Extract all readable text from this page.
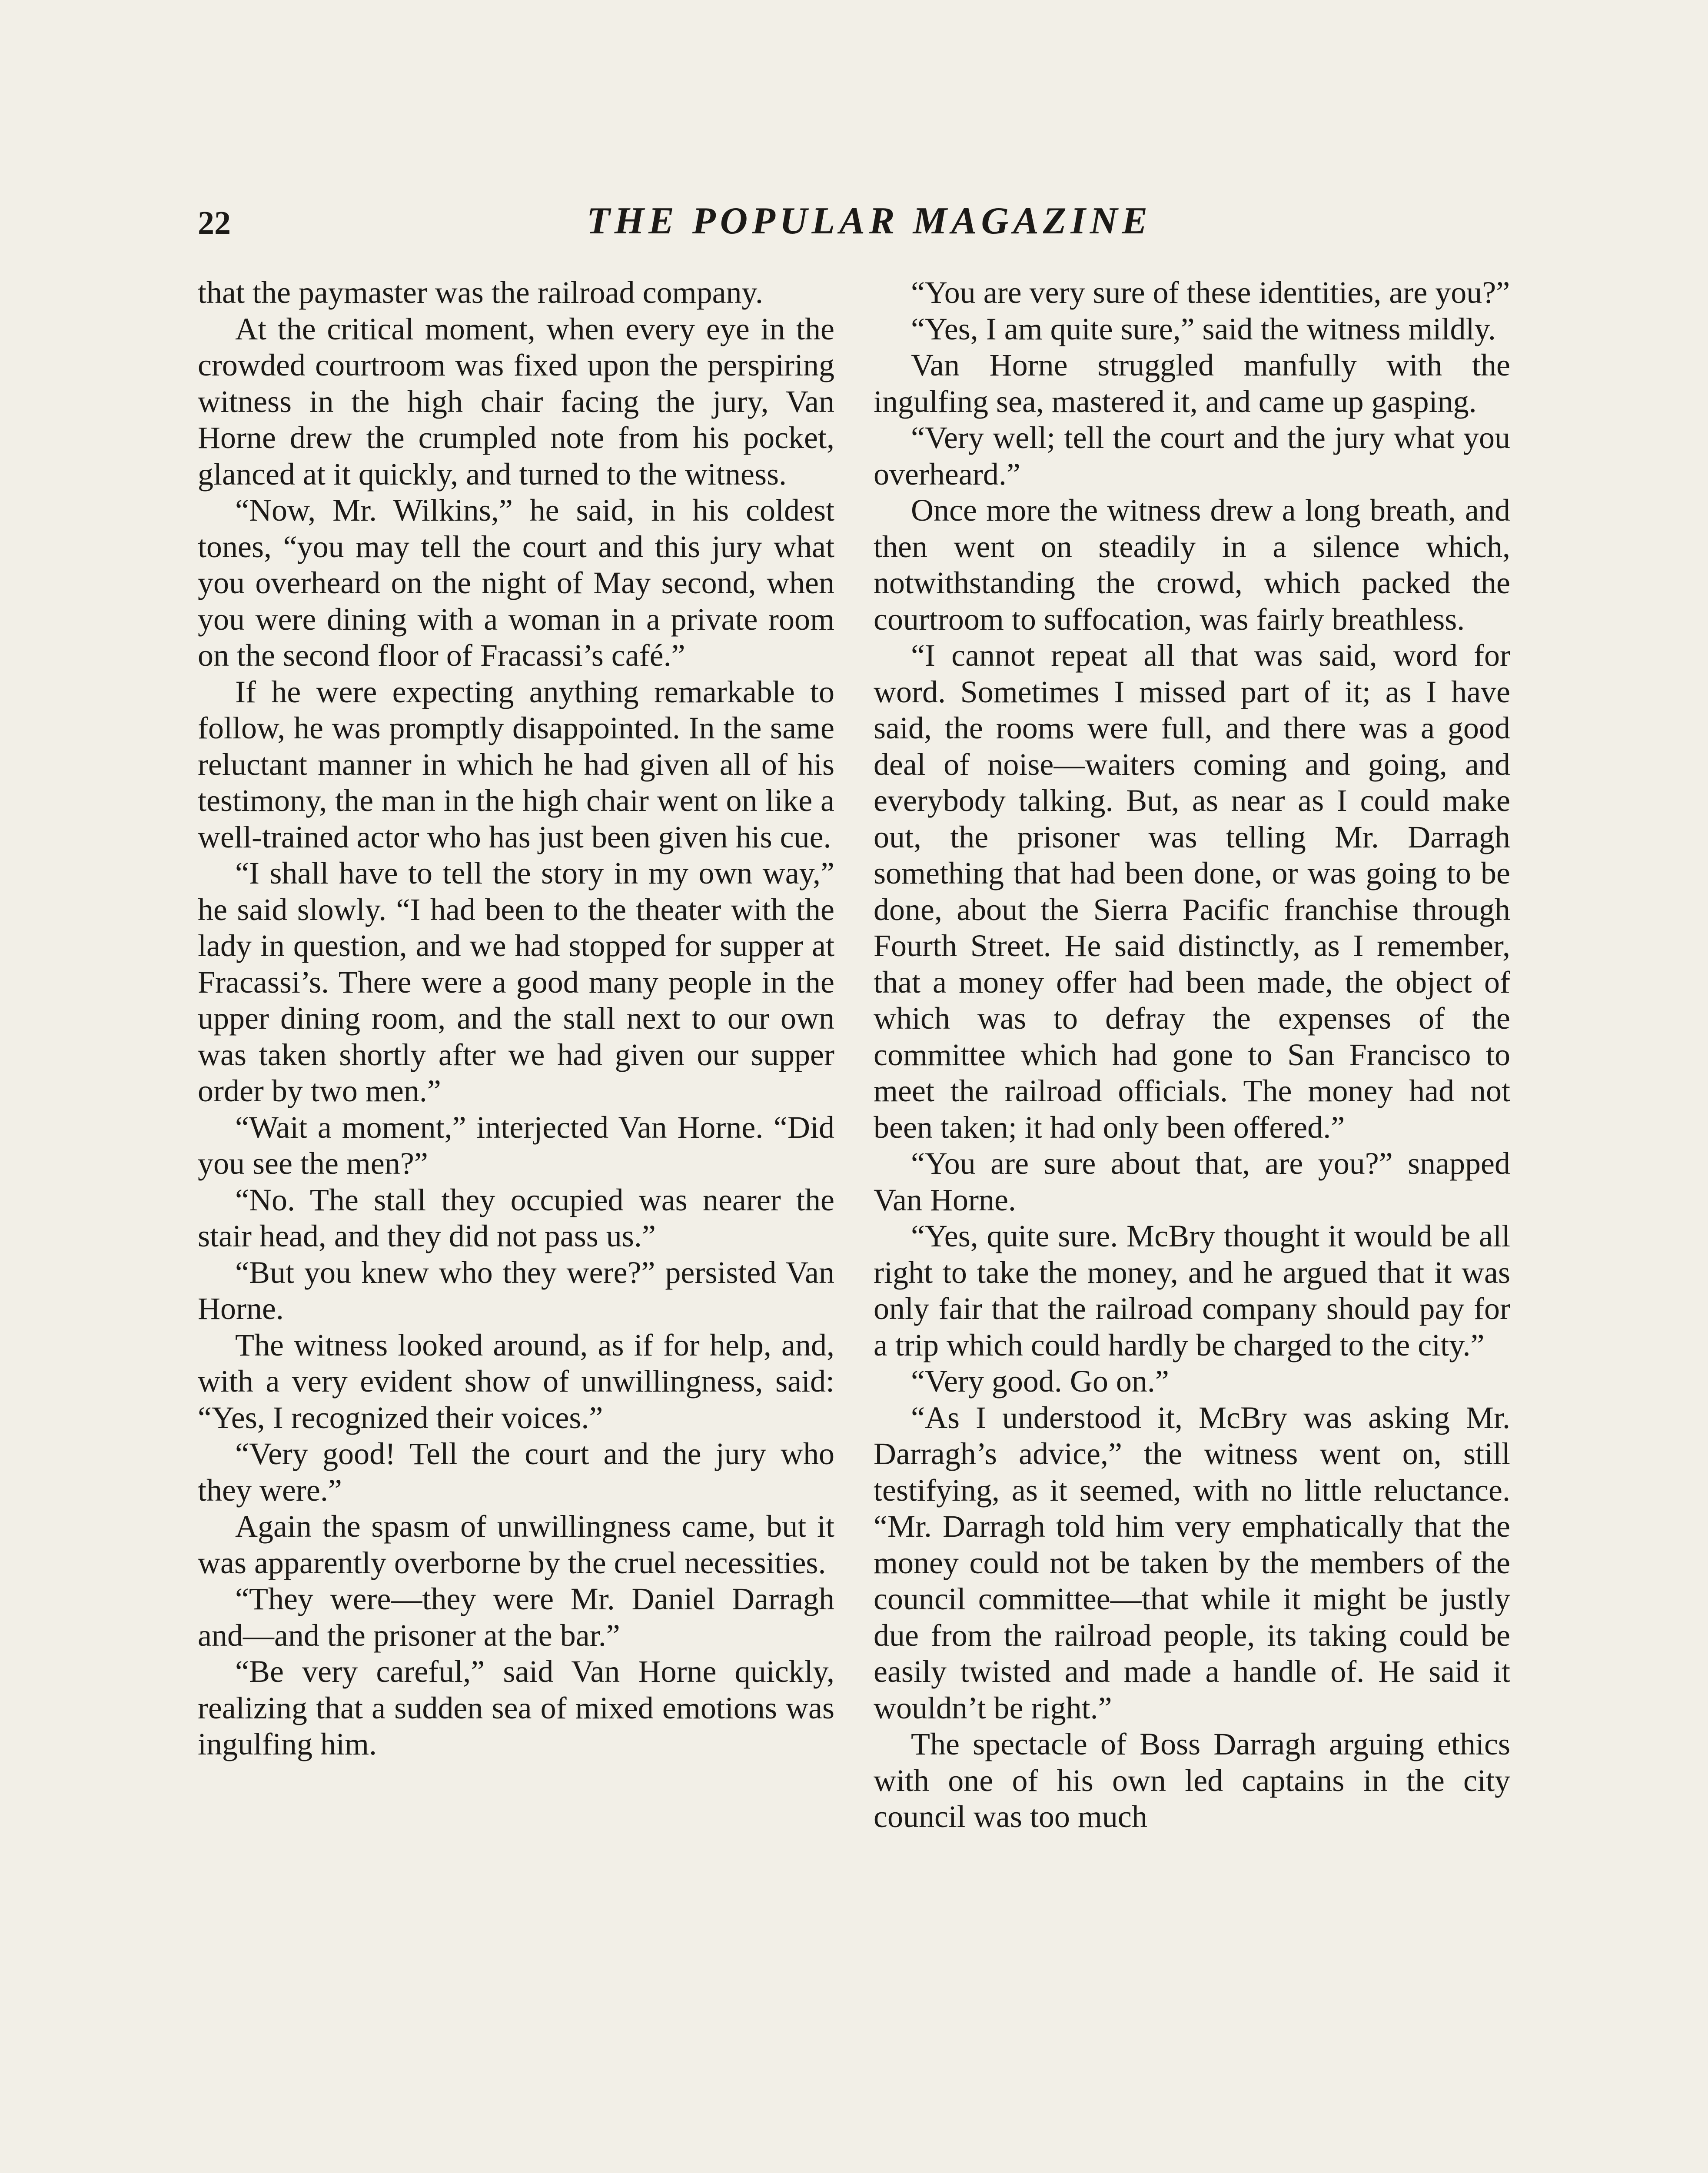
22	THE POPULAR MAGAZINE

that the paymaster was the railroad company.

At the critical moment, when every eye in the crowded courtroom was fixed upon the perspiring witness in the high chair facing the jury, Van Horne drew the crumpled note from his pocket, glanced at it quickly, and turned to the witness.

“Now, Mr. Wilkins,” he said, in his coldest tones, “you may tell the court and this jury what you overheard on the night of May second, when you were dining with a woman in a private room on the second floor of Fracassi’s café.”

If he were expecting anything remarkable to follow, he was promptly disappointed. In the same reluctant manner in which he had given all of his testimony, the man in the high chair went on like a well-trained actor who has just been given his cue.

“I shall have to tell the story in my own way,” he said slowly. “I had been to the theater with the lady in question, and we had stopped for supper at Fracassi’s. There were a good many people in the upper dining room, and the stall next to our own was taken shortly after we had given our supper order by two men.”

“Wait a moment,” interjected Van Horne. “Did you see the men?”

“No. The stall they occupied was nearer the stair head, and they did not pass us.”

“But you knew who they were?” persisted Van Horne.

The witness looked around, as if for help, and, with a very evident show of unwillingness, said: “Yes, I recognized their voices.”

“Very good! Tell the court and the jury who they were.”

Again the spasm of unwillingness came, but it was apparently overborne by the cruel necessities.

“They were—they were Mr. Daniel Darragh and—and the prisoner at the bar.”

“Be very careful,” said Van Horne quickly, realizing that a sudden sea of mixed emotions was ingulfing him.

“You are very sure of these identities, are you?”

“Yes, I am quite sure,” said the witness mildly.

Van Horne struggled manfully with the ingulfing sea, mastered it, and came up gasping.

“Very well; tell the court and the jury what you overheard.”

Once more the witness drew a long breath, and then went on steadily in a silence which, notwithstanding the crowd, which packed the courtroom to suffocation, was fairly breathless.

“I cannot repeat all that was said, word for word. Sometimes I missed part of it; as I have said, the rooms were full, and there was a good deal of noise—waiters coming and going, and everybody talking. But, as near as I could make out, the prisoner was telling Mr. Darragh something that had been done, or was going to be done, about the Sierra Pacific franchise through Fourth Street. He said distinctly, as I remember, that a money offer had been made, the object of which was to defray the expenses of the committee which had gone to San Francisco to meet the railroad officials. The money had not been taken; it had only been offered.”

“You are sure about that, are you?” snapped Van Horne.

“Yes, quite sure. McBry thought it would be all right to take the money, and he argued that it was only fair that the railroad company should pay for a trip which could hardly be charged to the city.”

“Very good. Go on.”

“As I understood it, McBry was asking Mr. Darragh’s advice,” the witness went on, still testifying, as it seemed, with no little reluctance. “Mr. Darragh told him very emphatically that the money could not be taken by the members of the council committee—that while it might be justly due from the railroad people, its taking could be easily twisted and made a handle of. He said it wouldn’t be right.”

The spectacle of Boss Darragh arguing ethics with one of his own led captains in the city council was too much
